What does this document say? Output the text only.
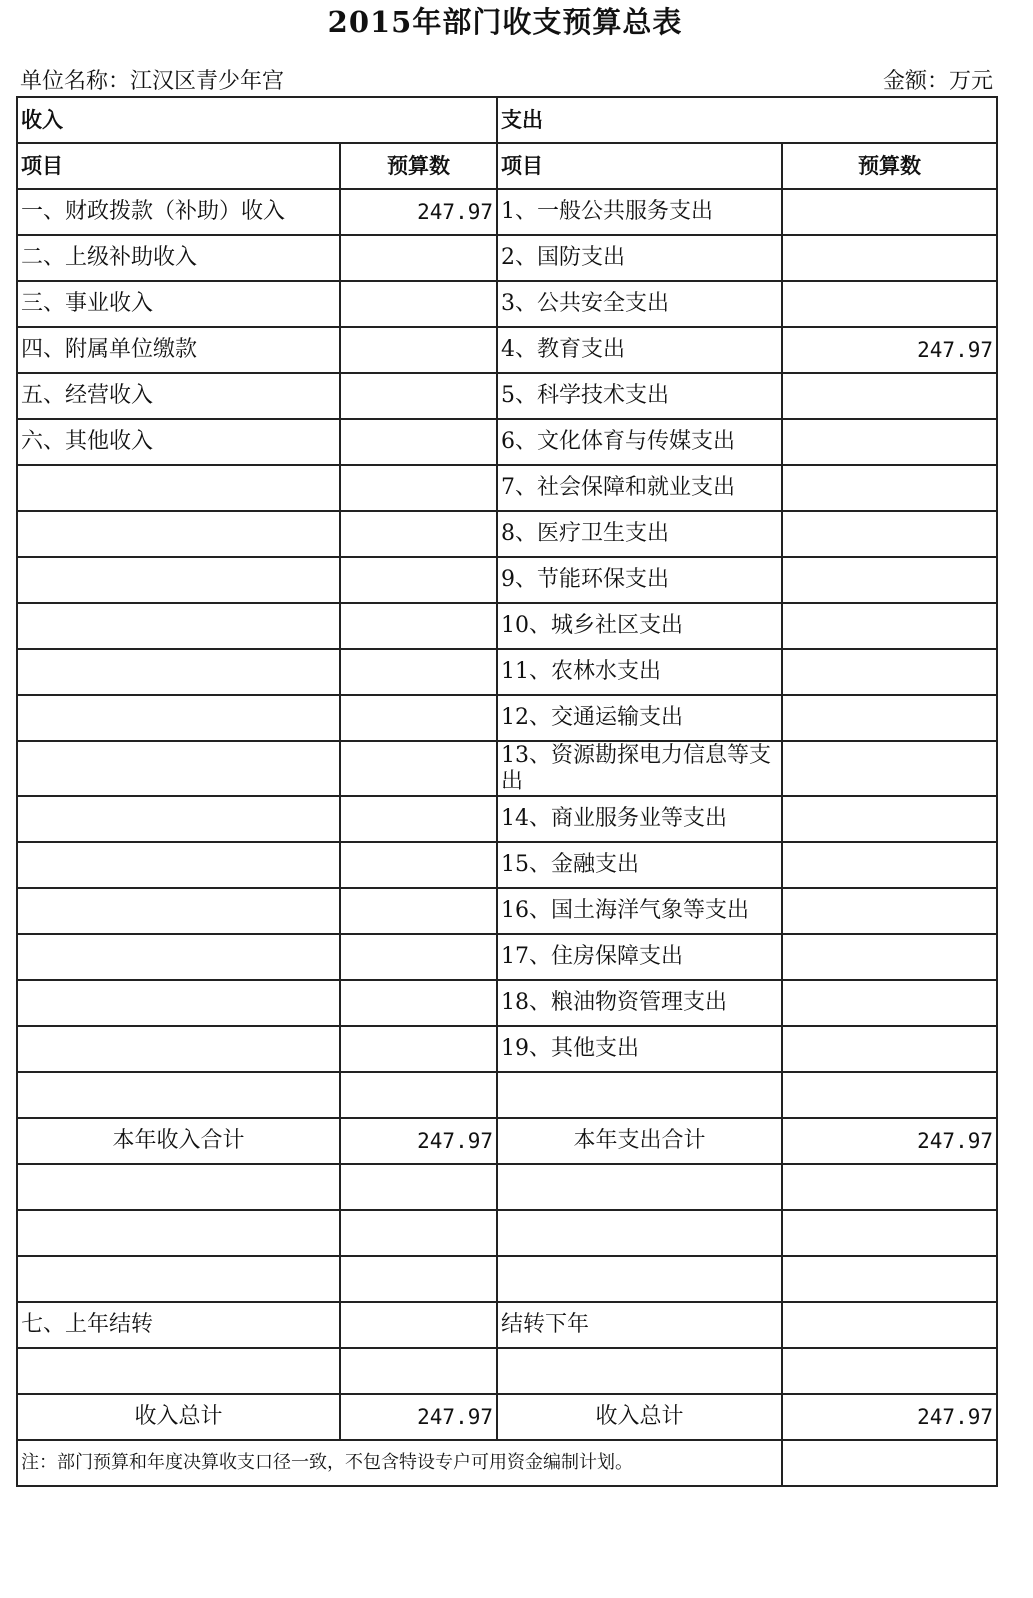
2015年部门收支预算总表
单位名称：江汉区青少年宫	金额：万元
收入		支出	
项目	预算数	项目	预算数
一、财政拨款（补助）收入	247.97	1、一般公共服务支出	
二、上级补助收入		2、国防支出	
三、事业收入		3、公共安全支出	
四、附属单位缴款		4、教育支出	247.97
五、经营收入		5、科学技术支出	
六、其他收入		6、文化体育与传媒支出	
		7、社会保障和就业支出	
		8、医疗卫生支出	
		9、节能环保支出	
		10、城乡社区支出	
		11、农林水支出	
		12、交通运输支出	
		13、资源勘探电力信息等支出	
		14、商业服务业等支出	
		15、金融支出	
		16、国土海洋气象等支出	
		17、住房保障支出	
		18、粮油物资管理支出	
		19、其他支出	

本年收入合计	247.97	本年支出合计	247.97

七、上年结转		结转下年	

收入总计	247.97	收入总计	247.97
注：部门预算和年度决算收支口径一致，不包含特设专户可用资金编制计划。			
